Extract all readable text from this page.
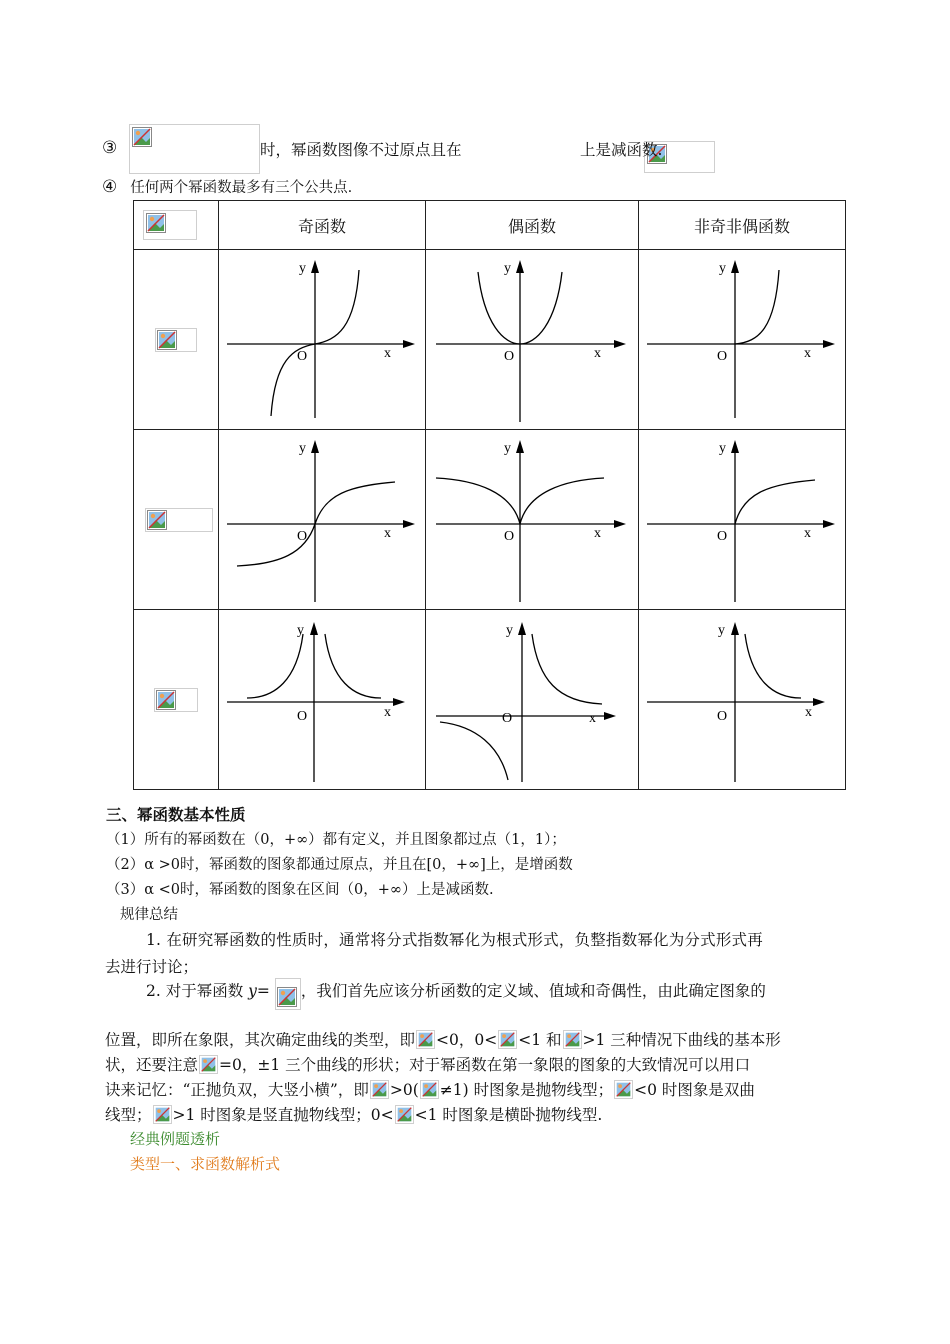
③
	时，幂函数图像不过原点且在	上是减函数.
④ 任何两个幂函数最多有三个公共点.
	奇函数	偶函数	非奇非偶函数

y
x
O	y
x
O	y
x
O

y
x
O	y
x
O	y
x
O

y
x
O	y
x
O	y
x
O
三、幂函数基本性质
（1）所有的幂函数在（0，+∞）都有定义，并且图象都过点（1，1）；
（2）α >0时，幂函数的图象都通过原点，并且在[0，+∞]上，是增函数
（3）α <0时，幂函数的图象在区间（0，+∞）上是减函数.
规律总结
1. 在研究幂函数的性质时，通常将分式指数幂化为根式形式，负整指数幂化为分式形式再
去进行讨论；
2. 对于幂函数 y= ，我们首先应该分析函数的定义域、值域和奇偶性，由此确定图象的
位置，即所在象限，其次确定曲线的类型，即 <0，0< <1 和 >1 三种情况下曲线的基本形
状，还要注意 =0，±1 三个曲线的形状；对于幂函数在第一象限的图象的大致情况可以用口
诀来记忆：“正抛负双，大竖小横”，即 >0( ≠1) 时图象是抛物线型； <0 时图象是双曲
线型； >1 时图象是竖直抛物线型；0< <1 时图象是横卧抛物线型.
经典例题透析
类型一、求函数解析式
